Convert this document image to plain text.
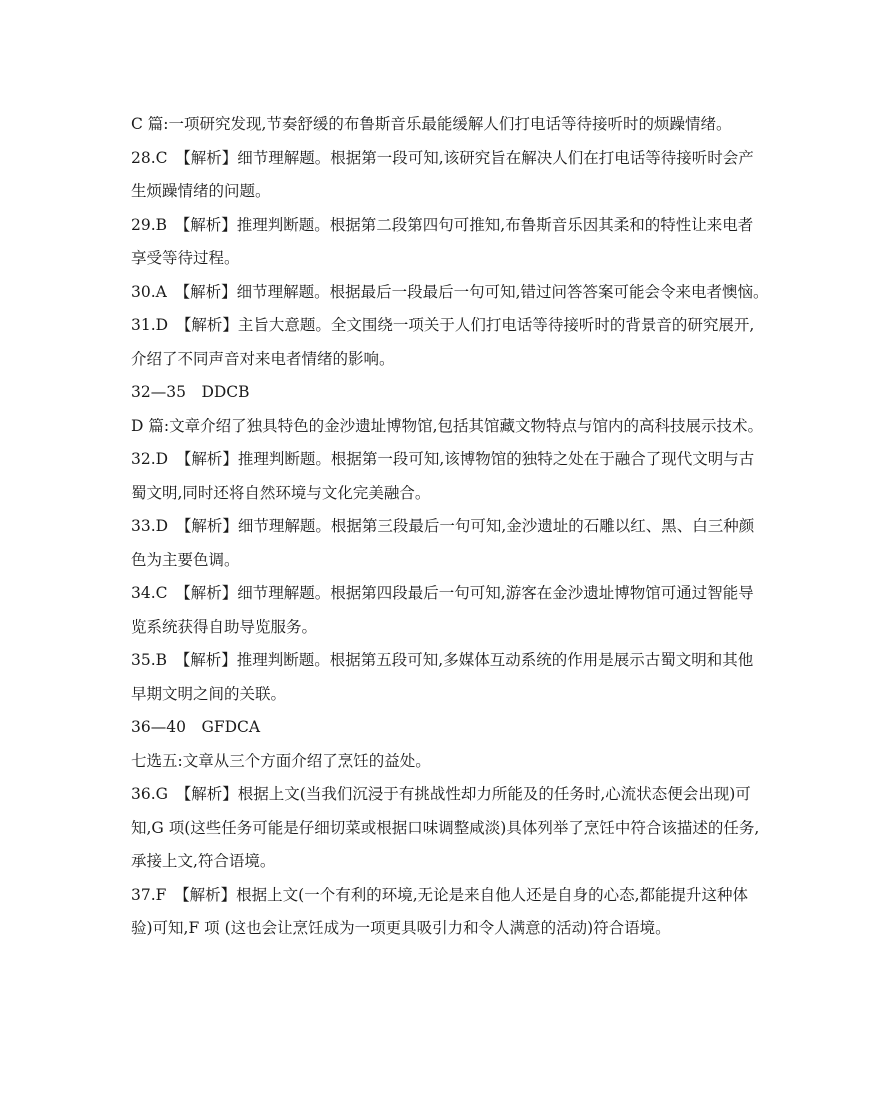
C 篇:一项研究发现,节奏舒缓的布鲁斯音乐最能缓解人们打电话等待接听时的烦躁情绪。
28.C　【解析】细节理解题。根据第一段可知,该研究旨在解决人们在打电话等待接听时会产
生烦躁情绪的问题。
29.B　【解析】推理判断题。根据第二段第四句可推知,布鲁斯音乐因其柔和的特性让来电者
享受等待过程。
30.A　【解析】细节理解题。根据最后一段最后一句可知,错过问答答案可能会令来电者懊恼。
31.D　【解析】主旨大意题。全文围绕一项关于人们打电话等待接听时的背景音的研究展开,
介绍了不同声音对来电者情绪的影响。
32—35　DDCB
D 篇:文章介绍了独具特色的金沙遗址博物馆,包括其馆藏文物特点与馆内的高科技展示技术。
32.D　【解析】推理判断题。根据第一段可知,该博物馆的独特之处在于融合了现代文明与古
蜀文明,同时还将自然环境与文化完美融合。
33.D　【解析】细节理解题。根据第三段最后一句可知,金沙遗址的石雕以红、黑、白三种颜
色为主要色调。
34.C　【解析】细节理解题。根据第四段最后一句可知,游客在金沙遗址博物馆可通过智能导
览系统获得自助导览服务。
35.B　【解析】推理判断题。根据第五段可知,多媒体互动系统的作用是展示古蜀文明和其他
早期文明之间的关联。
36—40　GFDCA
七选五:文章从三个方面介绍了烹饪的益处。
36.G　【解析】根据上文(当我们沉浸于有挑战性却力所能及的任务时,心流状态便会出现)可
知,G 项(这些任务可能是仔细切菜或根据口味调整咸淡)具体列举了烹饪中符合该描述的任务,
承接上文,符合语境。
37.F　【解析】根据上文(一个有利的环境,无论是来自他人还是自身的心态,都能提升这种体
验)可知,F 项 (这也会让烹饪成为一项更具吸引力和令人满意的活动)符合语境。
